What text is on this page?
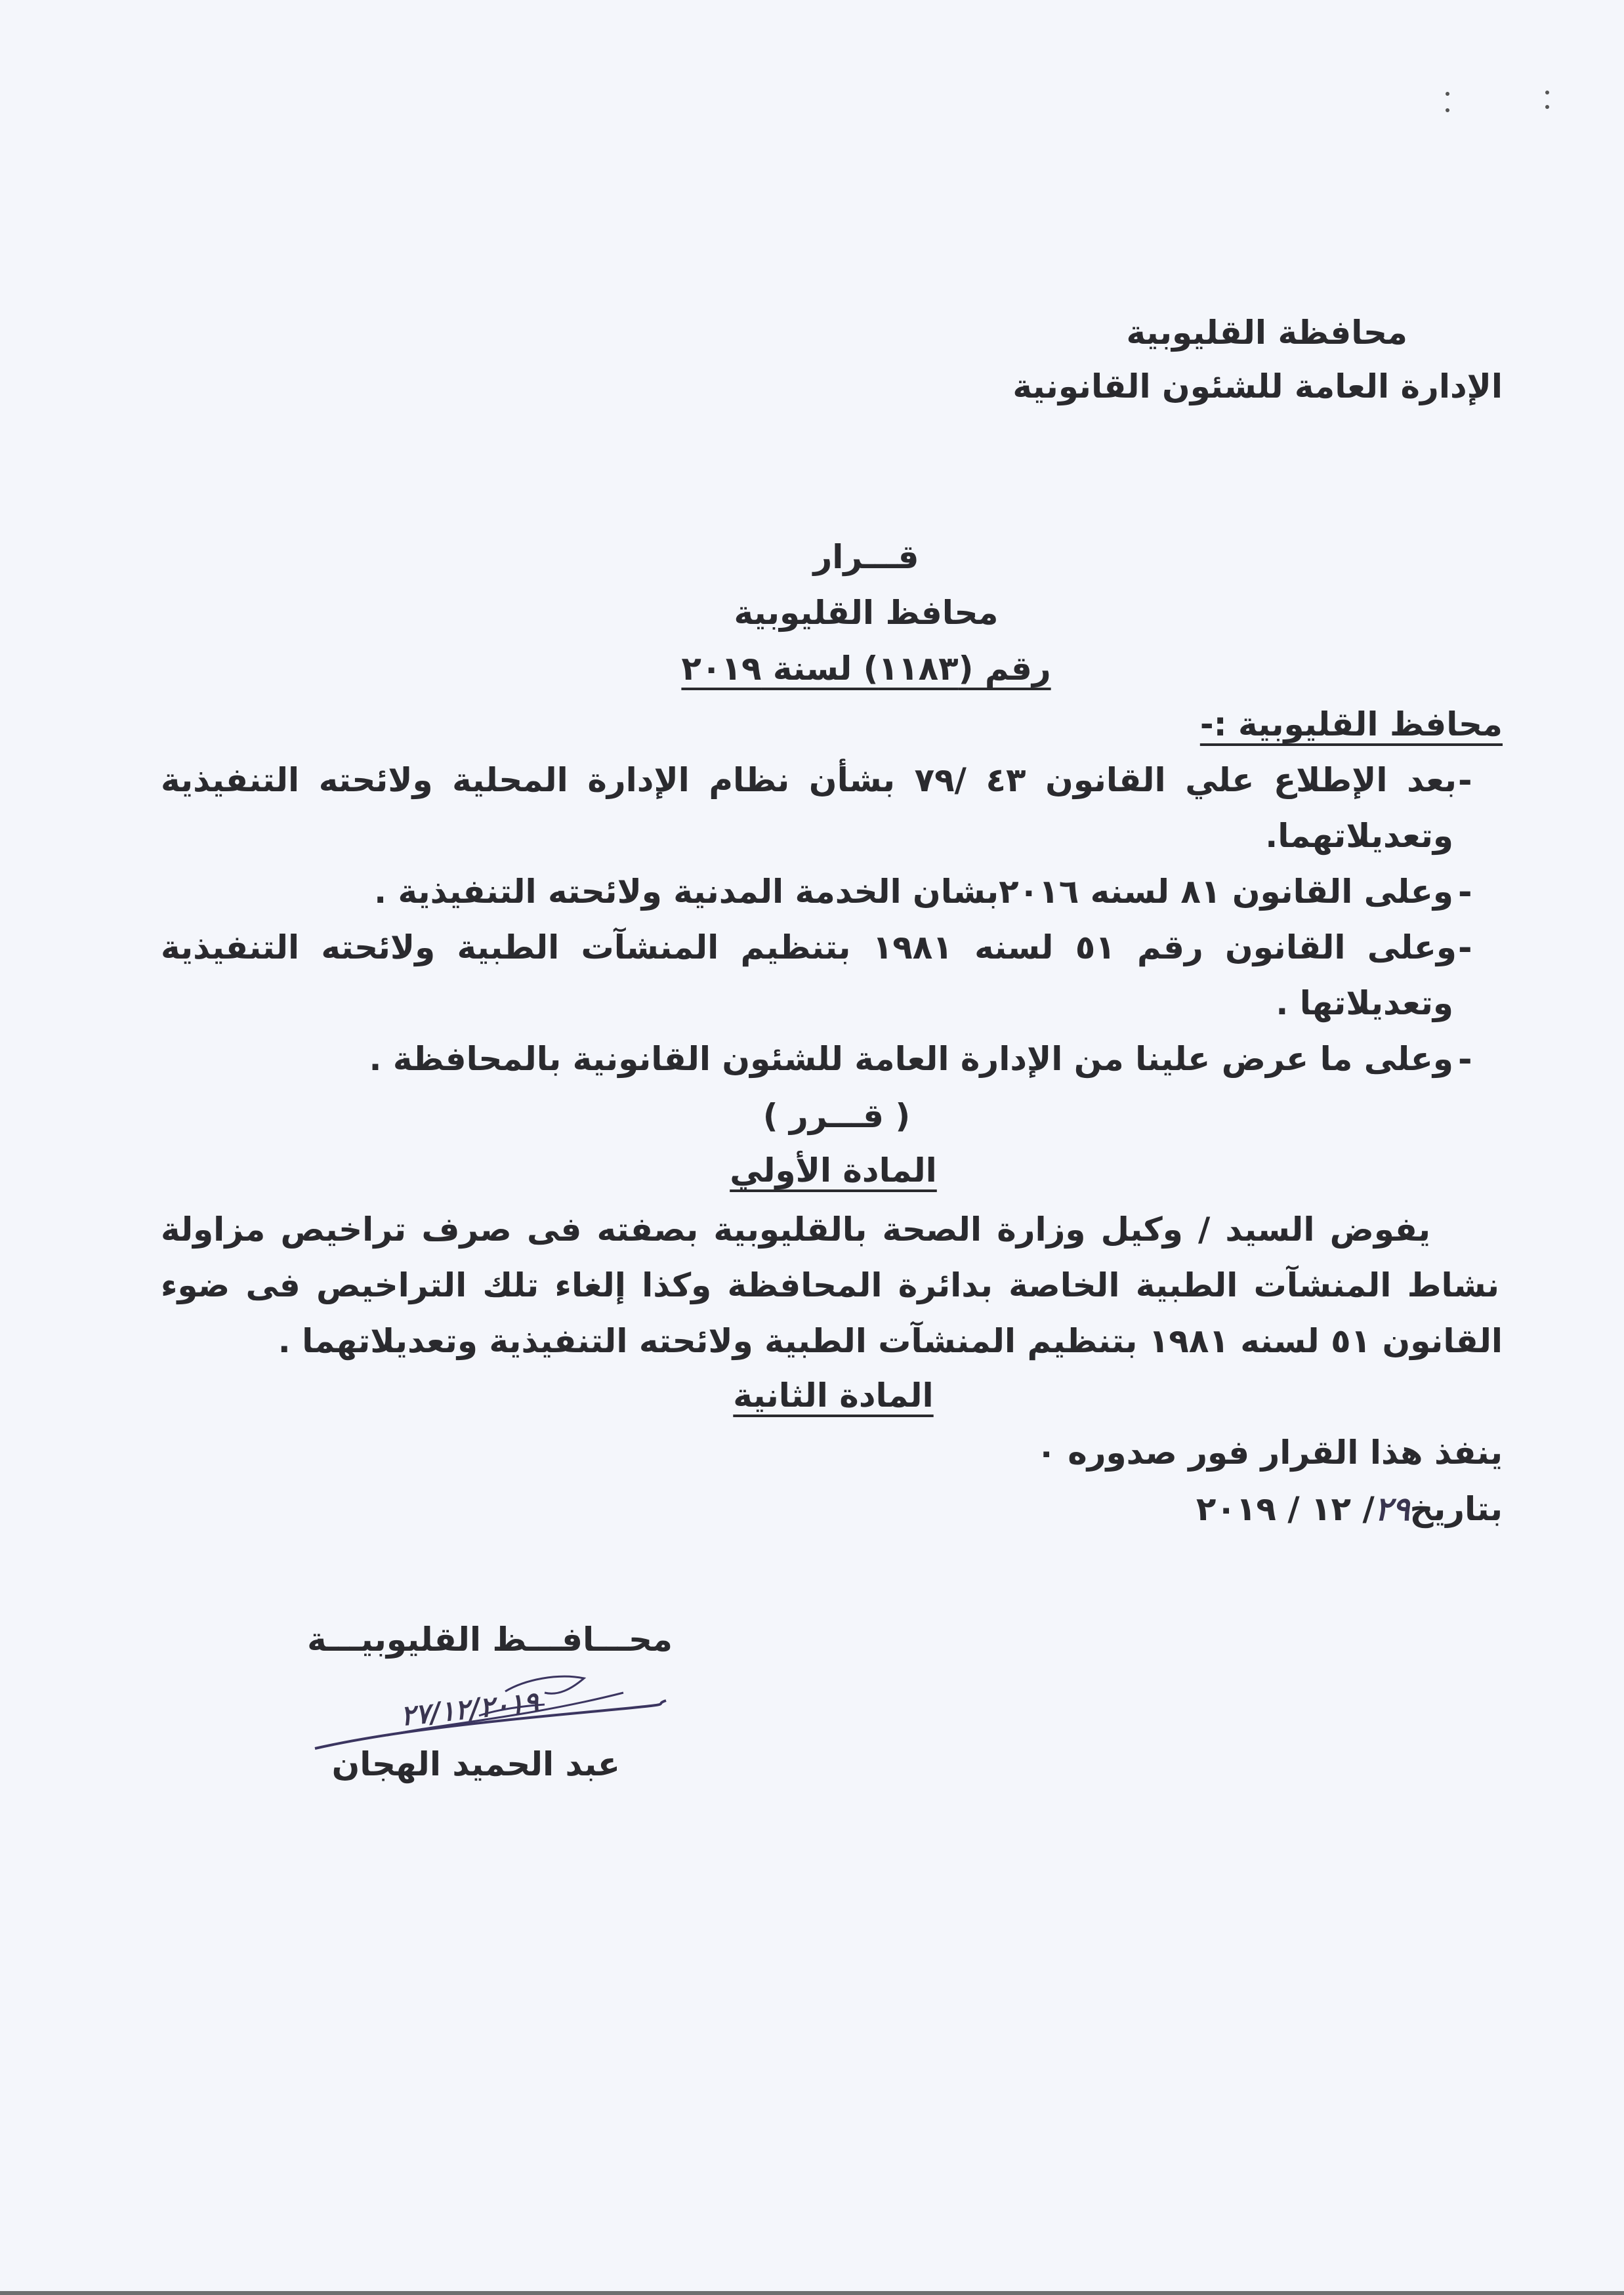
محافظة القليوبية
الإدارة العامة للشئون القانونية
قـــرار
محافظ القليوبية
رقم (١١٨٣) لسنة ٢٠١٩
محافظ القليوبية :-
-
بعد الإطلاع علي القانون ٤٣ /٧٩ بشأن نظام الإدارة المحلية ولائحته التنفيذية
وتعديلاتهما.
-
وعلى القانون ٨١ لسنه ٢٠١٦بشان الخدمة المدنية ولائحته التنفيذية .
-
وعلى القانون رقم ٥١ لسنه ١٩٨١ بتنظيم المنشآت الطبية ولائحته التنفيذية
وتعديلاتها .
-
وعلى ما عرض علينا من الإدارة العامة للشئون القانونية بالمحافظة .
( قـــرر )
المادة الأولي
يفوض السيد / وكيل وزارة الصحة بالقليوبية بصفته فى صرف تراخيص مزاولة
نشاط المنشآت الطبية الخاصة بدائرة المحافظة وكذا إلغاء تلك التراخيص فى ضوء
القانون ٥١ لسنه ١٩٨١ بتنظيم المنشآت الطبية ولائحته التنفيذية وتعديلاتهما .
المادة الثانية
ينفذ هذا القرار فور صدوره ٠
بتاريخ٢٩/ ١٢ / ٢٠١٩
محـــافـــظ القليوبيـــة
٢٧/١٢/٢٠١٩
عبد الحميد الهجان
